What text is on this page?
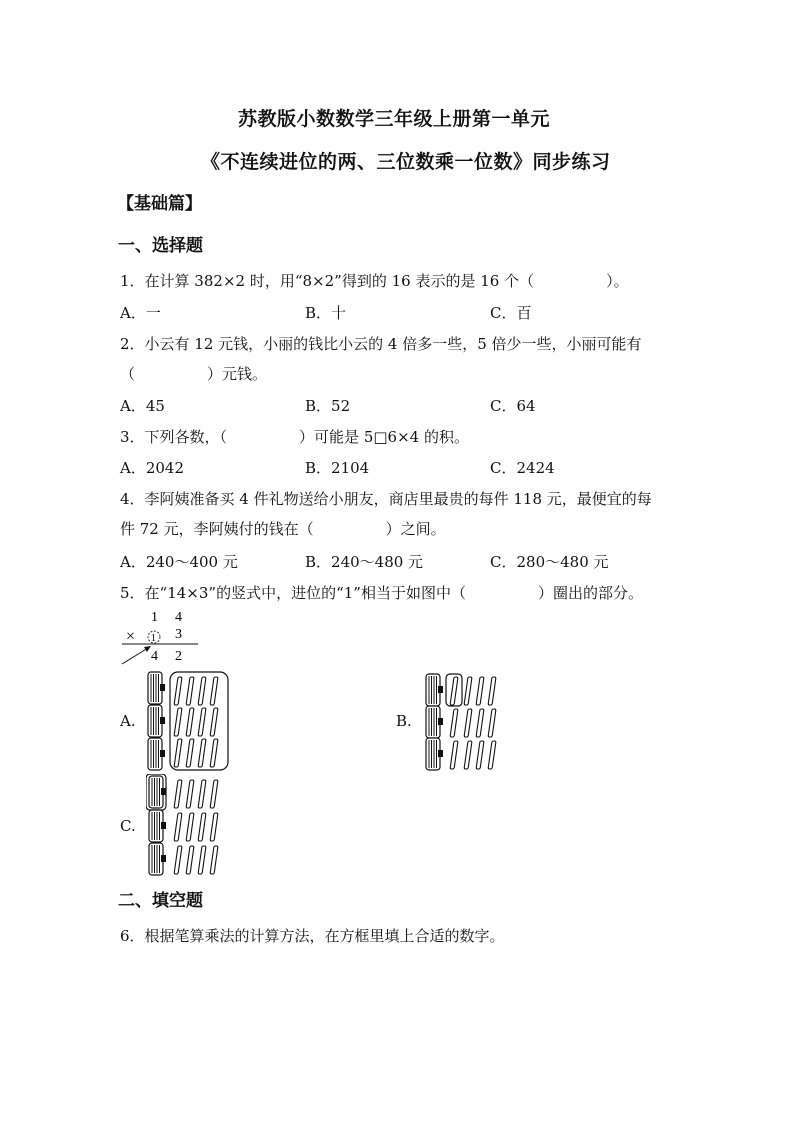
苏教版小数数学三年级上册第一单元
《不连续进位的两、三位数乘一位数》同步练习
【基础篇】
一、选择题
1．在计算 382×2 时，用“8×2”得到的 16 表示的是 16 个（	）。
A．一	B．十	C．百
2．小云有 12 元钱，小丽的钱比小云的 4 倍多一些，5 倍少一些，小丽可能有
（	）元钱。
A．45	B．52	C．64
3．下列各数，（	）可能是 5□6×4 的积。
A．2042	B．2104	C．2424
4．李阿姨准备买 4 件礼物送给小朋友，商店里最贵的每件 118 元，最便宜的每
件 72 元，李阿姨付的钱在（	）之间。
A．240～400 元	B．240～480 元	C．280～480 元
5．在“14×3”的竖式中，进位的“1”相当于如图中（	）圈出的部分。
1 4
× 1 3
4 2
A.	B.
C.
二、填空题
6．根据笔算乘法的计算方法，在方框里填上合适的数字。
